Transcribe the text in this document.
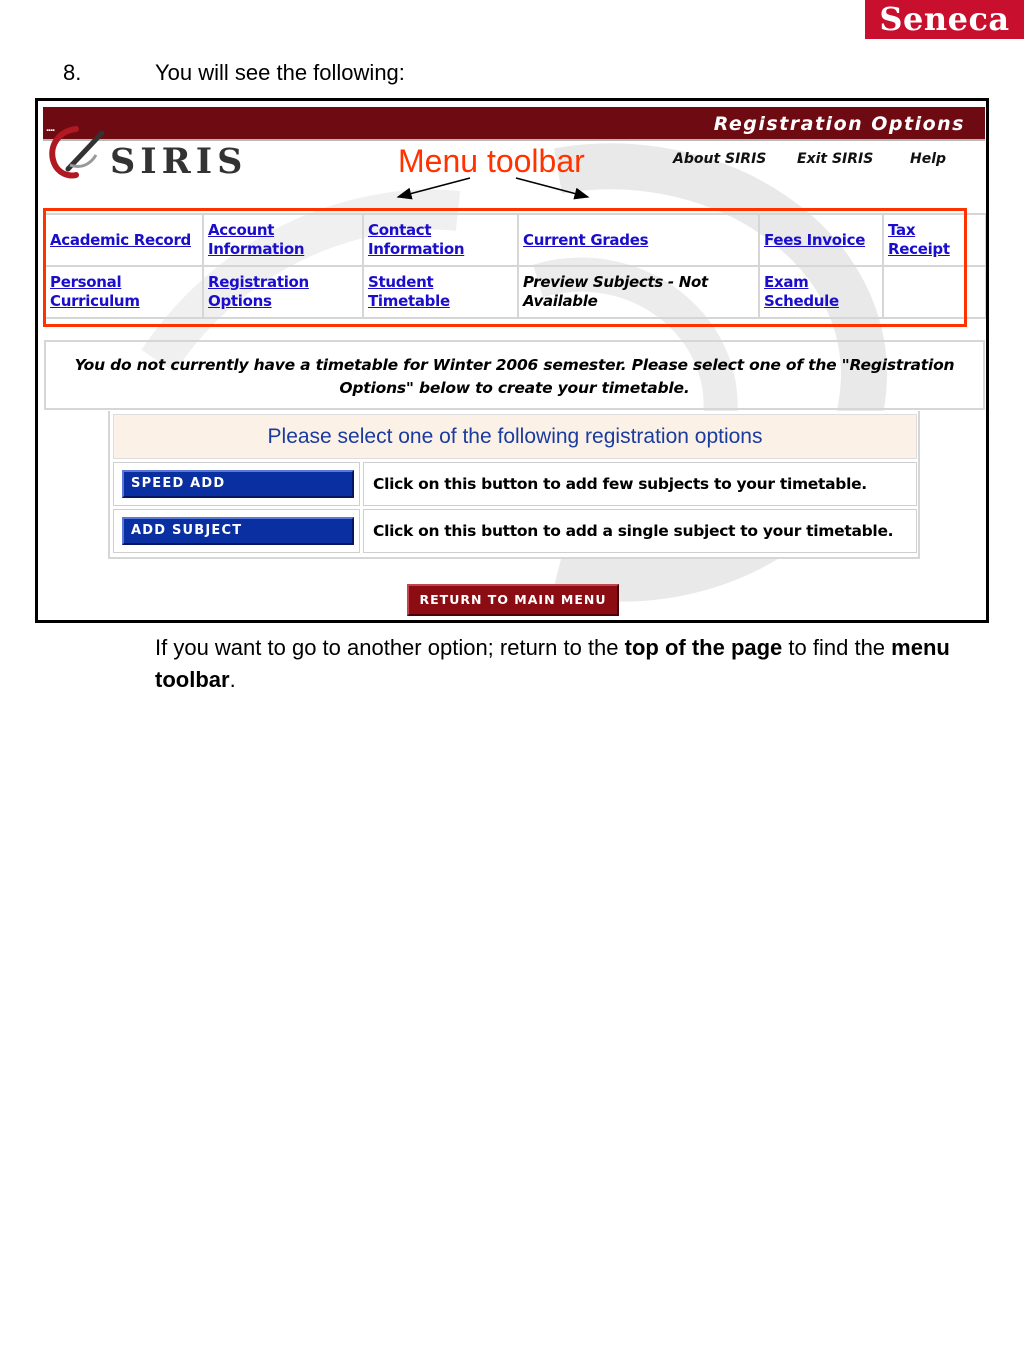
Seneca
8.	You will see the following:
....	Registration Options
SIRIS	Menu toolbar	About SIRIS Exit SIRIS	Help
Academic Record	Account Information	Contact Information	Current Grades	Fees Invoice	Tax Receipt
Personal Curriculum	Registration Options	Student Timetable	Preview Subjects - Not Available	Exam Schedule	
You do not currently have a timetable for Winter 2006 semester. Please select one of the "Registration
Options" below to create your timetable.
Please select one of the following registration options
SPEED ADD	Click on this button to add few subjects to your timetable.
ADD SUBJECT	Click on this button to add a single subject to your timetable.
RETURN TO MAIN MENU
If you want to go to another option; return to the top of the page to find the menu toolbar.
